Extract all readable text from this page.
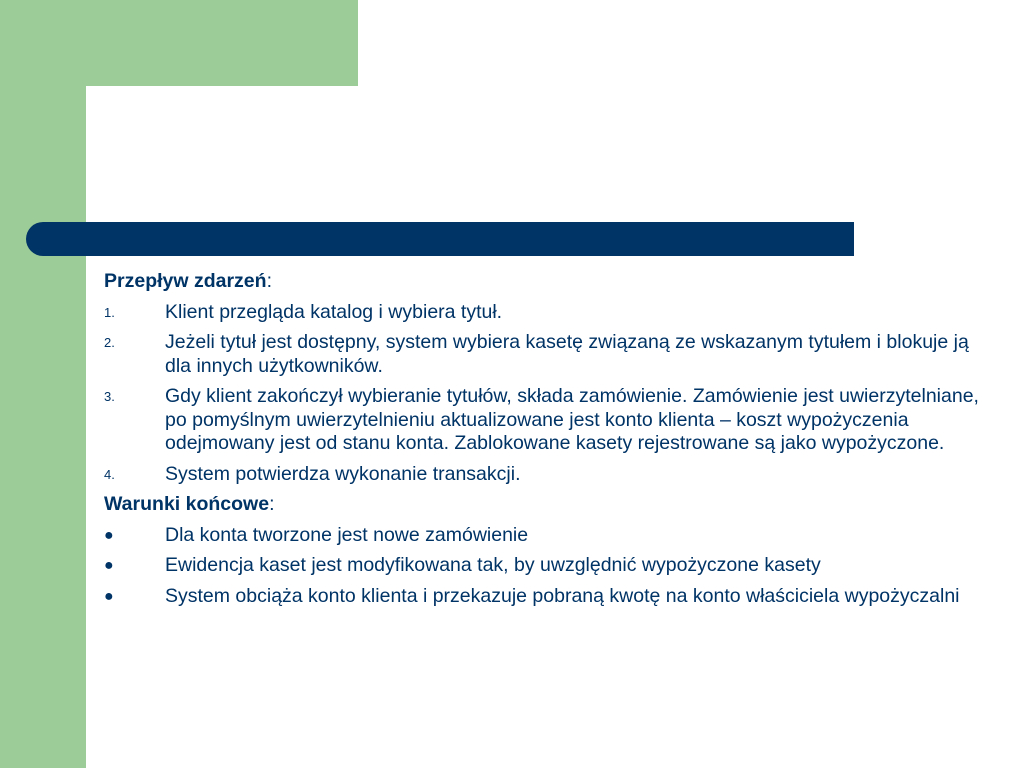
Przepływ zdarzeń:
1.	Klient przegląda katalog i wybiera tytuł.
2.	Jeżeli tytuł jest dostępny, system wybiera kasetę związaną ze wskazanym tytułem i blokuje ją dla innych użytkowników.
3.	Gdy klient zakończył wybieranie tytułów, składa zamówienie. Zamówienie jest uwierzytelniane, po pomyślnym uwierzytelnieniu aktualizowane jest konto klienta – koszt wypożyczenia odejmowany jest od stanu konta. Zablokowane kasety rejestrowane są jako wypożyczone.
4.	System potwierdza wykonanie transakcji.
Warunki końcowe:
●	Dla konta tworzone jest nowe zamówienie
●	Ewidencja kaset jest modyfikowana tak, by uwzględnić wypożyczone kasety
●	System obciąża konto klienta i przekazuje pobraną kwotę na konto właściciela wypożyczalni
